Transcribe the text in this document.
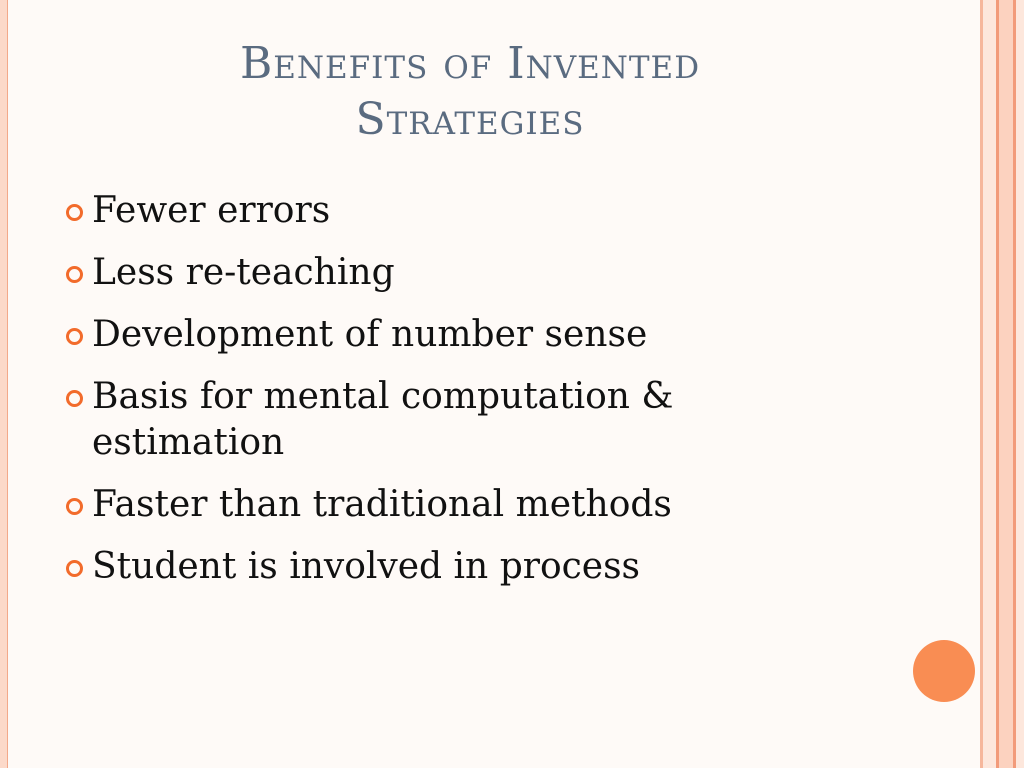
Benefits of Invented Strategies
Fewer errors
Less re-teaching
Development of number sense
Basis for mental computation & estimation
Faster than traditional methods
Student is involved in process
